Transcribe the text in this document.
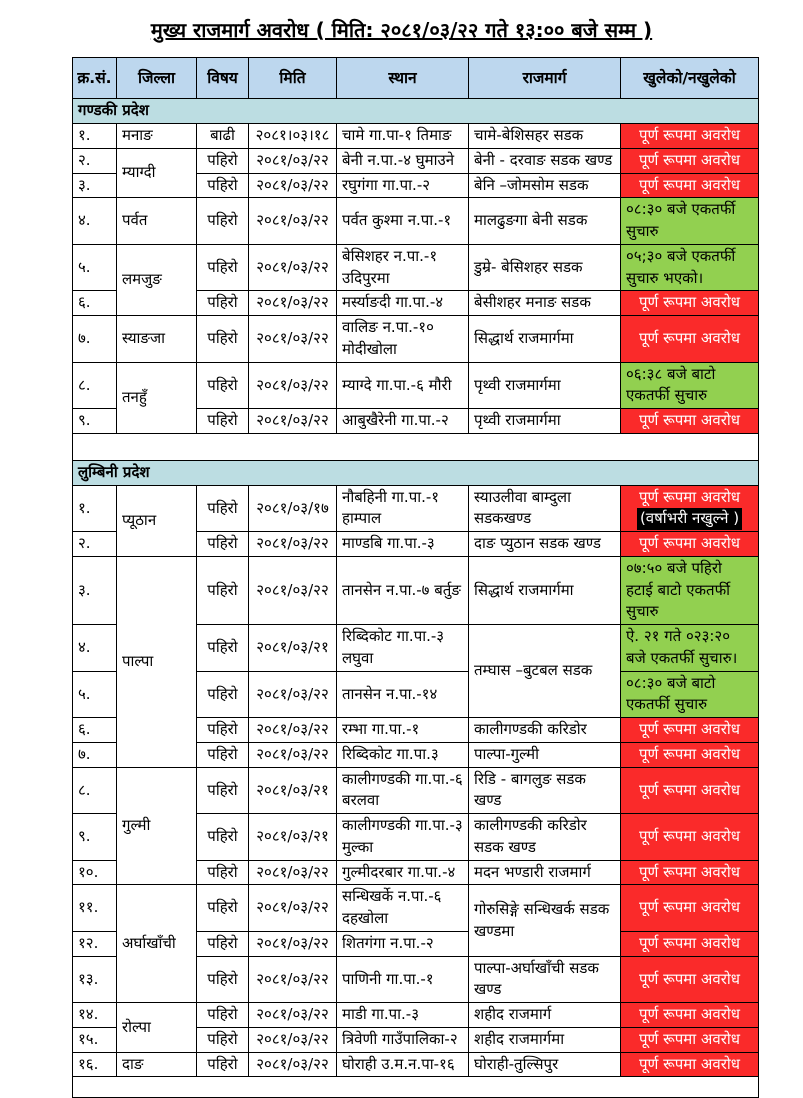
मुख्य राजमार्ग अवरोध ( मिति: २०८१/०३/२२ गते १३:०० बजे सम्म )
क्र.सं.	जिल्ला	विषय	मिति	स्थान	राजमार्ग	खुलेको/नखुलेको
गण्डकी प्रदेश						
१.	मनाङ	बाढी	२०८१।०३।१८	चामे गा.पा-१ तिमाङ	चामे-बेशिसहर सडक	पूर्ण रूपमा अवरोध
२.	म्याग्दी	पहिरो	२०८१/०३/२२	बेनी न.पा.-४ घुमाउने	बेनी - दरवाङ सडक खण्ड	पूर्ण रूपमा अवरोध
३.		पहिरो	२०८१/०३/२२	रघुगंगा गा.पा.-२	बेनि –जोमसोम सडक	पूर्ण रूपमा अवरोध
४.	पर्वत	पहिरो	२०८१/०३/२२	पर्वत कुश्मा न.पा.-१	मालढुङगा बेनी सडक	०८:३० बजे एकतर्फी सुचारु
५.	लमजुङ	पहिरो	२०८१/०३/२२	बेसिशहर न.पा.-१ उदिपुरमा	डुम्रे- बेसिशहर सडक	०५;३० बजे एकतर्फी सुचारु भएको।
६.		पहिरो	२०८१/०३/२२	मर्स्याङदी गा.पा.-४	बेसीशहर मनाङ सडक	पूर्ण रूपमा अवरोध
७.	स्याङजा	पहिरो	२०८१/०३/२२	वालिङ न.पा.-१० मोदीखोला	सिद्धार्थ राजमार्गमा	पूर्ण रूपमा अवरोध
८.	तनहुँ	पहिरो	२०८१/०३/२२	म्याग्दे गा.पा.-६ मौरी	पृथ्वी राजमार्गमा	०६:३८ बजे बाटो एकतर्फी सुचारु
९.		पहिरो	२०८१/०३/२२	आबुखैरेनी गा.पा.-२	पृथ्वी राजमार्गमा	पूर्ण रूपमा अवरोध

लुम्बिनी प्रदेश						
१.	प्यूठान	पहिरो	२०८१/०३/१७	नौबहिनी गा.पा.-१ हाम्पाल	स्याउलीवा बाम्दुला सडकखण्ड	पूर्ण रूपमा अवरोध
(वर्षाभरी नखुल्ने )
२.		पहिरो	२०८१/०३/२२	माण्डबि गा.पा.-३	दाङ प्युठान सडक खण्ड	पूर्ण रूपमा अवरोध
३.	पाल्पा	पहिरो	२०८१/०३/२२	तानसेन न.पा.-७ बर्तुङ	सिद्धार्थ राजमार्गमा	०७:५० बजे पहिरो हटाई बाटो एकतर्फी सुचारु
४.		पहिरो	२०८१/०३/२१	रिब्दिकोट गा.पा.-३ लघुवा	तम्घास –बुटबल सडक	ऐ. २१ गते ०२३:२० बजे एकतर्फी सुचारु।
५.		पहिरो	२०८१/०३/२२	तानसेन न.पा.-१४		०८:३० बजे बाटो एकतर्फी सुचारु
६.		पहिरो	२०८१/०३/२२	रम्भा गा.पा.-१	कालीगण्डकी करिडोर	पूर्ण रूपमा अवरोध
७.		पहिरो	२०८१/०३/२२	रिब्दिकोट गा.पा.३	पाल्पा-गुल्मी	पूर्ण रूपमा अवरोध
८.	गुल्मी	पहिरो	२०८१/०३/२१	कालीगण्डकी गा.पा.-६ बरलवा	रिडि - बागलुङ सडक खण्ड	पूर्ण रूपमा अवरोध
९.		पहिरो	२०८१/०३/२१	कालीगण्डकी गा.पा.-३ मुल्का	कालीगण्डकी करिडोर सडक खण्ड	पूर्ण रूपमा अवरोध
१०.		पहिरो	२०८१/०३/२२	गुल्मीदरबार गा.पा.-४	मदन भण्डारी राजमार्ग	पूर्ण रूपमा अवरोध
११.	अर्घाखाँची	पहिरो	२०८१/०३/२२	सन्धिखर्के न.पा.-६ दहखोला	गोरुसिङ्गे सन्धिखर्क सडक खण्डमा	पूर्ण रूपमा अवरोध
१२.		पहिरो	२०८१/०३/२२	शितगंगा न.पा.-२		पूर्ण रूपमा अवरोध
१३.		पहिरो	२०८१/०३/२२	पाणिनी गा.पा.-१	पाल्पा-अर्घाखाँची सडक खण्ड	पूर्ण रूपमा अवरोध
१४.	रोल्पा	पहिरो	२०८१/०३/२२	माडी गा.पा.-३	शहीद राजमार्ग	पूर्ण रूपमा अवरोध
१५.		पहिरो	२०८१/०३/२२	त्रिवेणी गाउँपालिका-२	शहीद राजमार्गमा	पूर्ण रूपमा अवरोध
१६.	दाङ	पहिरो	२०८१/०३/२२	घोराही उ.म.न.पा-१६	घोराही-तुल्सिपुर	पूर्ण रूपमा अवरोध
